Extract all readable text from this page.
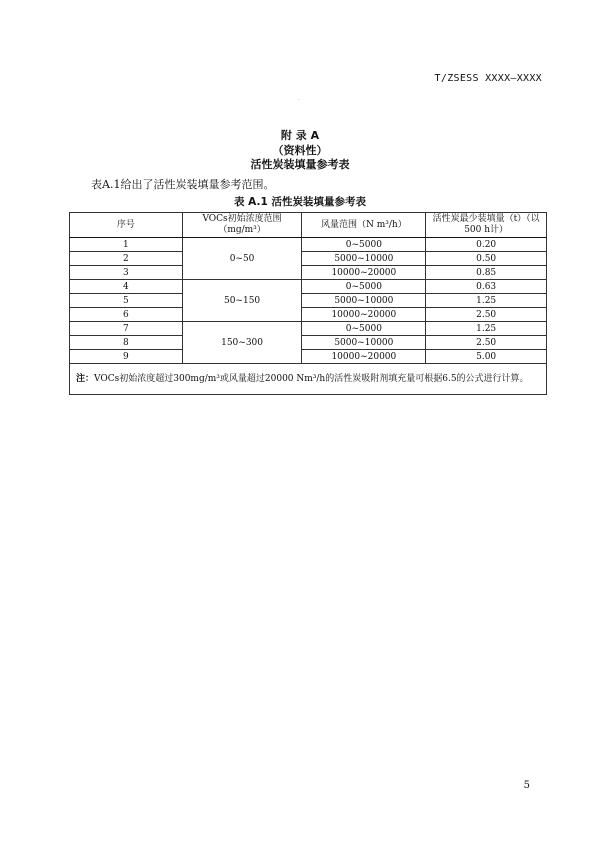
T/ZSESS XXXX—XXXX
·
附 录 A
（资料性）
活性炭装填量参考表
表A.1给出了活性炭装填量参考范围。
表 A.1 活性炭装填量参考表
序号	VOCs初始浓度范围（mg/m³）	风量范围（N m³/h）	活性炭最少装填量（t）（以500 h计）
1	0~50	0~5000	0.20
2		5000~10000	0.50
3		10000~20000	0.85
4	50~150	0~5000	0.63
5		5000~10000	1.25
6		10000~20000	2.50
7	150~300	0~5000	1.25
8		5000~10000	2.50
9		10000~20000	5.00
注：VOCs初始浓度超过300mg/m³或风量超过20000 Nm³/h的活性炭吸附剂填充量可根据6.5的公式进行计算。			
5
